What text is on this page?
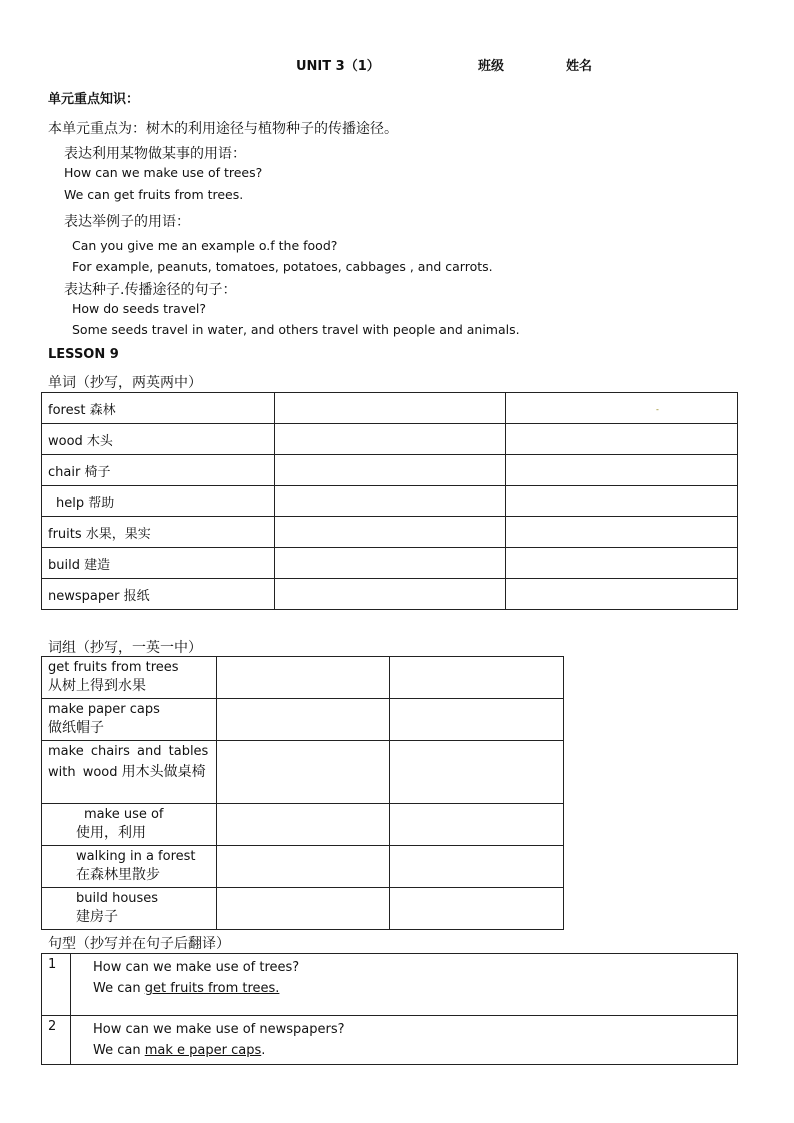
UNIT 3（1）	班级	姓名
单元重点知识：
本单元重点为：树木的利用途径与植物种子的传播途径。
表达利用某物做某事的用语：
How can we make use of trees?
We can get fruits from trees.
表达举例子的用语：
Can you give me an example o.f the food?
For example, peanuts, tomatoes, potatoes, cabbages , and carrots.
表达种子.传播途径的句子：
How do seeds travel?
Some seeds travel in water, and others travel with people and animals.
LESSON 9
单词（抄写，两英两中）
forest 森林		-
wood 木头		
chair 椅子		
help 帮助		
fruits 水果，果实		
build 建造		
newspaper 报纸		
词组（抄写，一英一中）
get fruits from trees
从树上得到水果		

make paper caps
做纸帽子		

make chairs and tables with wood 用木头做桌椅		

make use of
使用，利用		

walking in a forest
在森林里散步		

build houses
建房子		

句型（抄写并在句子后翻译）
1	How can we make use of trees?
We can get fruits from trees.

2	How can we make use of newspapers?
We can mak e paper caps.
